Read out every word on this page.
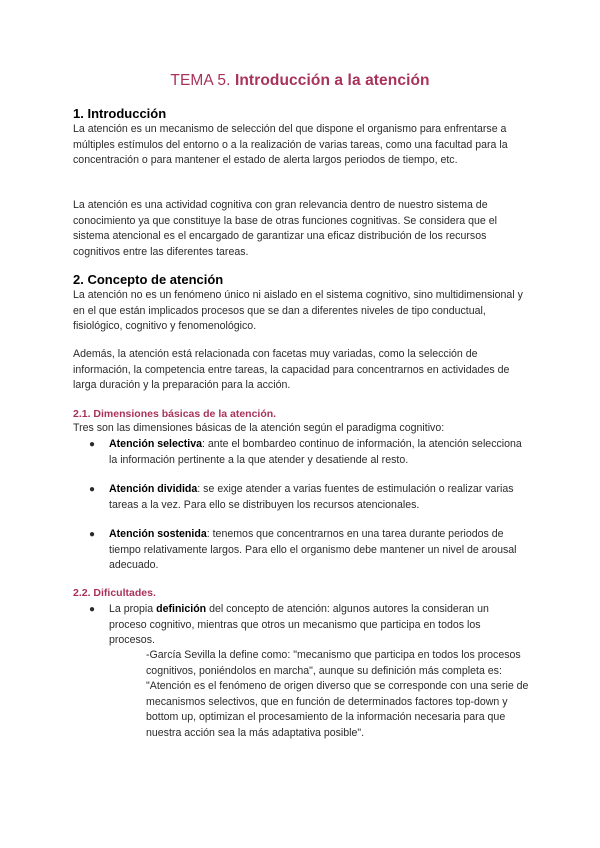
TEMA 5. Introducción a la atención
1. Introducción

La atención es un mecanismo de selección del que dispone el organismo para enfrentarse a múltiples estímulos del entorno o a la realización de varias tareas, como una facultad para la concentración o para mantener el estado de alerta largos periodos de tiempo, etc.

La atención es una actividad cognitiva con gran relevancia dentro de nuestro sistema de conocimiento ya que constituye la base de otras funciones cognitivas. Se considera que el sistema atencional es el encargado de garantizar una eficaz distribución de los recursos cognitivos entre las diferentes tareas.

2. Concepto de atención

La atención no es un fenómeno único ni aislado en el sistema cognitivo, sino multidimensional y en el que están implicados procesos que se dan a diferentes niveles de tipo conductual, fisiológico, cognitivo y fenomenológico.

Además, la atención está relacionada con facetas muy variadas, como la selección de información, la competencia entre tareas, la capacidad para concentrarnos en actividades de larga duración y la preparación para la acción.

2.1. Dimensiones básicas de la atención.

Tres son las dimensiones básicas de la atención según el paradigma cognitivo:

● Atención selectiva: ante el bombardeo continuo de información, la atención selecciona la información pertinente a la que atender y desatiende al resto.

● Atención dividida: se exige atender a varias fuentes de estimulación o realizar varias tareas a la vez. Para ello se distribuyen los recursos atencionales.

● Atención sostenida: tenemos que concentrarnos en una tarea durante periodos de tiempo relativamente largos. Para ello el organismo debe mantener un nivel de arousal adecuado.

2.2. Dificultades.
● La propia definición del concepto de atención: algunos autores la consideran un proceso cognitivo, mientras que otros un mecanismo que participa en todos los procesos.

-García Sevilla la define como: "mecanismo que participa en todos los procesos cognitivos, poniéndolos en marcha", aunque su definición más completa es: "Atención es el fenómeno de origen diverso que se corresponde con una serie de mecanismos selectivos, que en función de determinados factores top-down y bottom up, optimizan el procesamiento de la información necesaria para que nuestra acción sea la más adaptativa posible".
